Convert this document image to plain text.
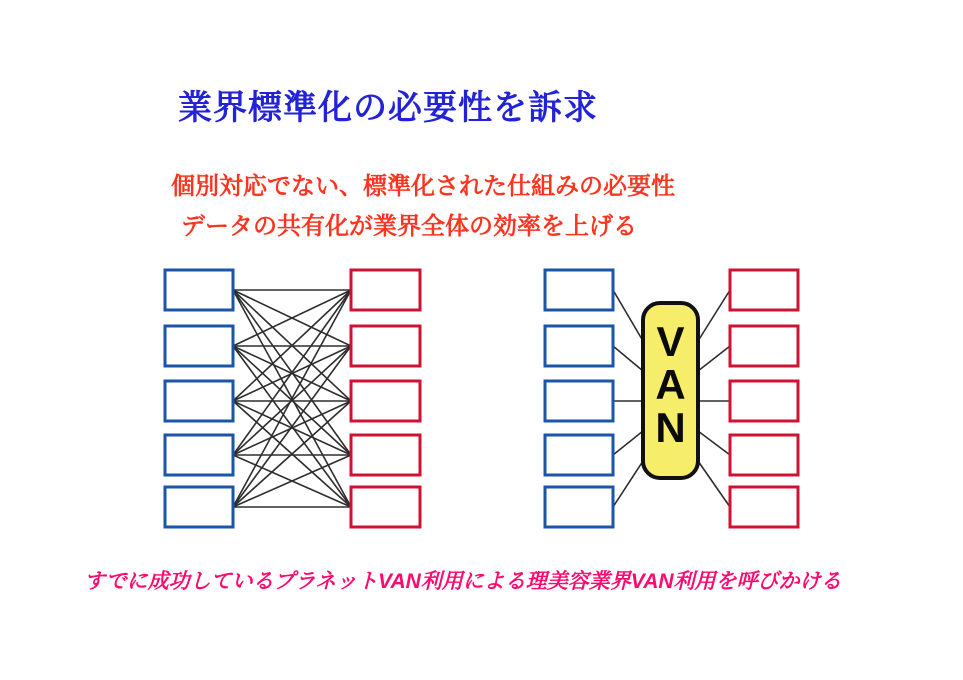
業界標準化の必要性を訴求

個別対応でない、標準化された仕組みの必要性

データの共有化が業界全体の効率を上げる

V
A
N

すでに成功しているプラネットVAN利用による理美容業界VAN利用を呼びかける
